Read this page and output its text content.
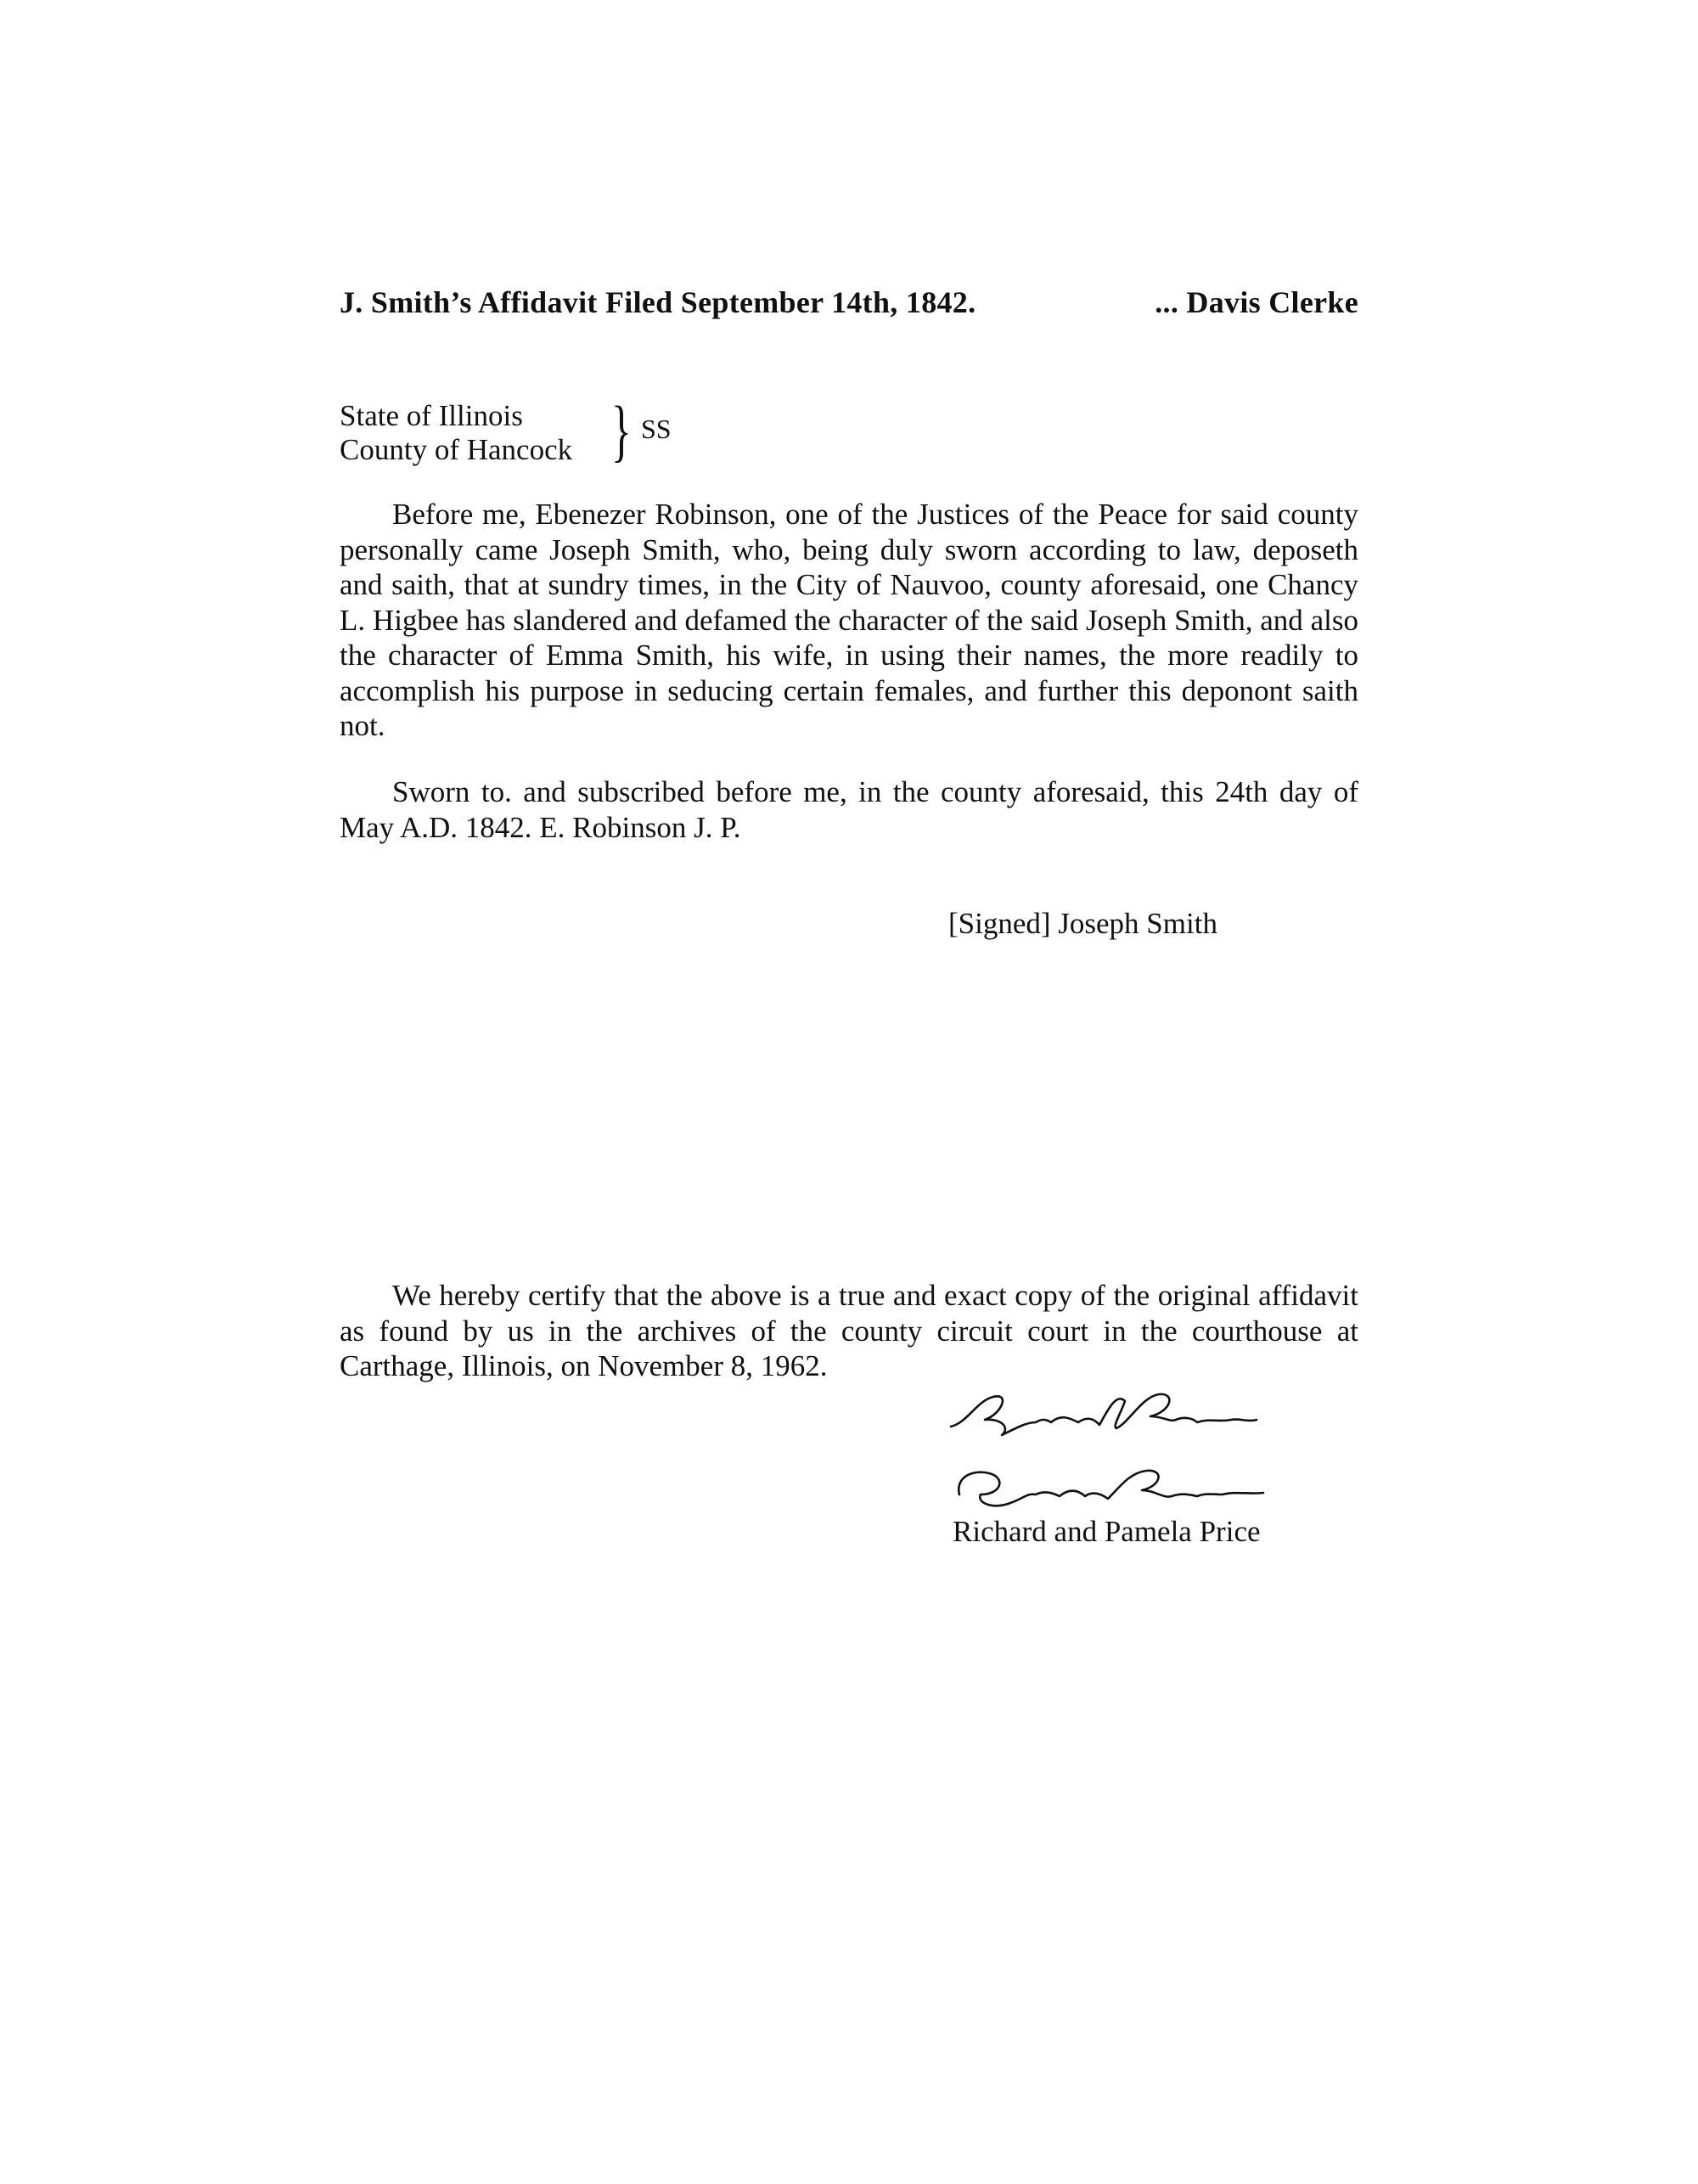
J. Smith’s Affidavit Filed September 14th, 1842.	... Davis Clerke
State of Illinois
County of Hancock } SS

Before me, Ebenezer Robinson, one of the Justices of the Peace for said county personally came Joseph Smith, who, being duly sworn according to law, deposeth and saith, that at sundry times, in the City of Nauvoo, county aforesaid, one Chancy L. Higbee has slandered and defamed the character of the said Joseph Smith, and also the character of Emma Smith, his wife, in using their names, the more readily to accomplish his purpose in seducing certain females, and further this deponont saith not.

Sworn to. and subscribed before me, in the county aforesaid, this 24th day of May A.D. 1842. E. Robinson J. P.

[Signed] Joseph Smith

We hereby certify that the above is a true and exact copy of the original affidavit as found by us in the archives of the county circuit court in the courthouse at Carthage, Illinois, on November 8, 1962.

Richard and Pamela Price
